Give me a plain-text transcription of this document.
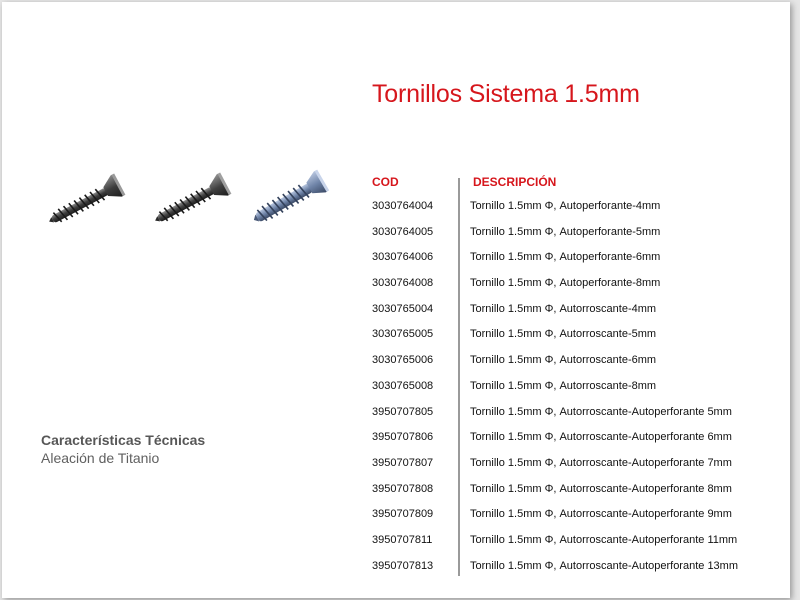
Tornillos Sistema 1.5mm
Características Técnicas
Aleación de Titanio
COD	DESCRIPCIÓN
3030764004	Tornillo 1.5mm Φ, Autoperforante-4mm
3030764005	Tornillo 1.5mm Φ, Autoperforante-5mm
3030764006	Tornillo 1.5mm Φ, Autoperforante-6mm
3030764008	Tornillo 1.5mm Φ, Autoperforante-8mm
3030765004	Tornillo 1.5mm Φ, Autorroscante-4mm
3030765005	Tornillo 1.5mm Φ, Autorroscante-5mm
3030765006	Tornillo 1.5mm Φ, Autorroscante-6mm
3030765008	Tornillo 1.5mm Φ, Autorroscante-8mm
3950707805	Tornillo 1.5mm Φ, Autorroscante-Autoperforante 5mm
3950707806	Tornillo 1.5mm Φ, Autorroscante-Autoperforante 6mm
3950707807	Tornillo 1.5mm Φ, Autorroscante-Autoperforante 7mm
3950707808	Tornillo 1.5mm Φ, Autorroscante-Autoperforante 8mm
3950707809	Tornillo 1.5mm Φ, Autorroscante-Autoperforante 9mm
3950707811	Tornillo 1.5mm Φ, Autorroscante-Autoperforante 11mm
3950707813	Tornillo 1.5mm Φ, Autorroscante-Autoperforante 13mm
